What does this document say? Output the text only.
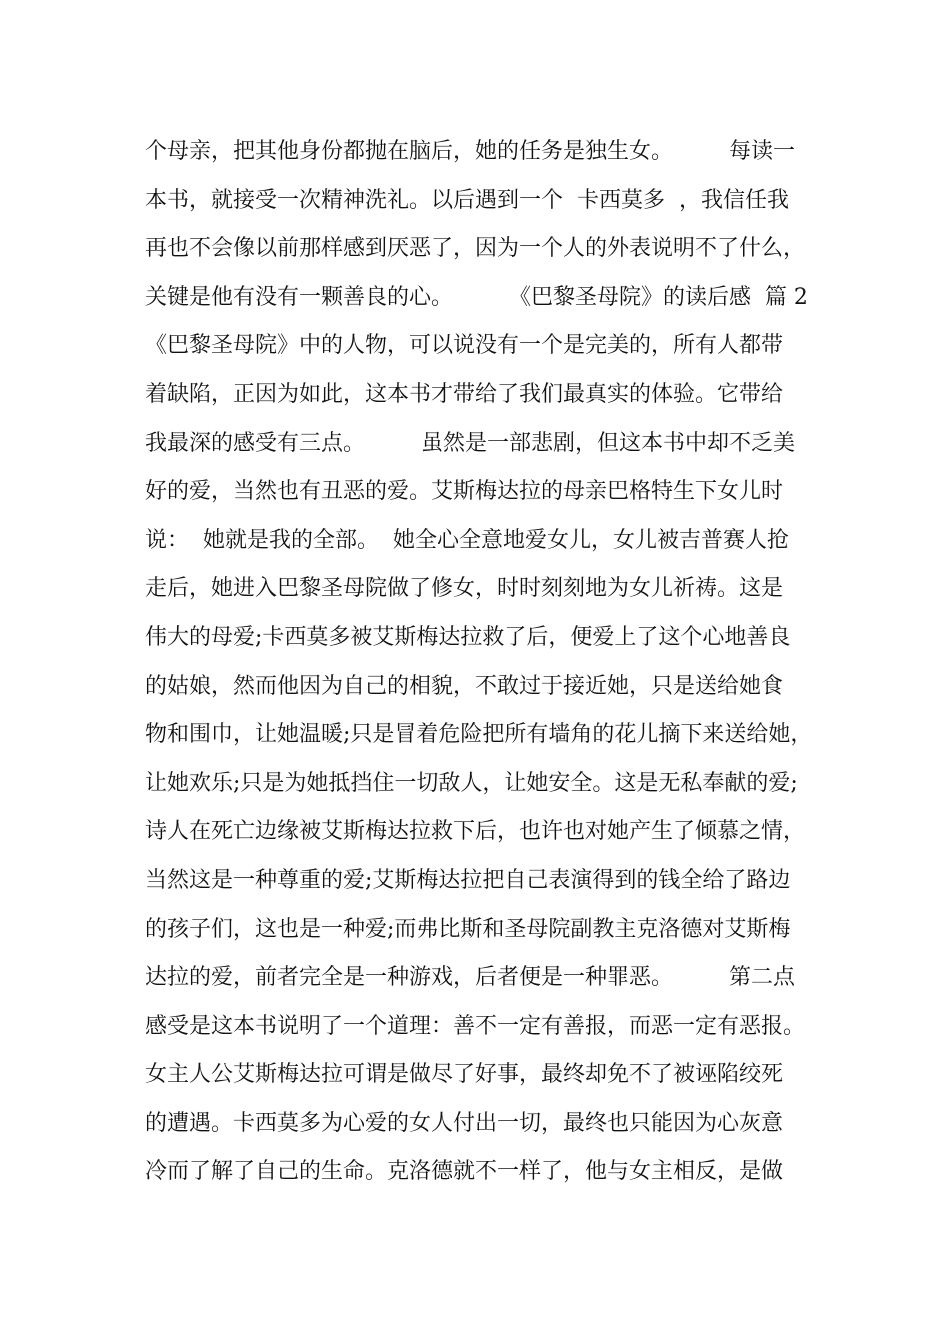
个母亲，把其他身份都抛在脑后，她的任务是独生女。        每读一
本书，就接受一次精神洗礼。以后遇到一个  卡西莫多  ，我信任我
再也不会像以前那样感到厌恶了，因为一个人的外表说明不了什么，
关键是他有没有一颗善良的心。        《巴黎圣母院》的读后感  篇 2
《巴黎圣母院》中的人物，可以说没有一个是完美的，所有人都带
着缺陷，正因为如此，这本书才带给了我们最真实的体验。它带给
我最深的感受有三点。        虽然是一部悲剧，但这本书中却不乏美
好的爱，当然也有丑恶的爱。艾斯梅达拉的母亲巴格特生下女儿时
说：  她就是我的全部。  她全心全意地爱女儿，女儿被吉普赛人抢
走后，她进入巴黎圣母院做了修女，时时刻刻地为女儿祈祷。这是
伟大的母爱;卡西莫多被艾斯梅达拉救了后，便爱上了这个心地善良
的姑娘，然而他因为自己的相貌，不敢过于接近她，只是送给她食
物和围巾，让她温暖;只是冒着危险把所有墙角的花儿摘下来送给她，
让她欢乐;只是为她抵挡住一切敌人，让她安全。这是无私奉献的爱;
诗人在死亡边缘被艾斯梅达拉救下后，也许也对她产生了倾慕之情，
当然这是一种尊重的爱;艾斯梅达拉把自己表演得到的钱全给了路边
的孩子们，这也是一种爱;而弗比斯和圣母院副教主克洛德对艾斯梅
达拉的爱，前者完全是一种游戏，后者便是一种罪恶。        第二点
感受是这本书说明了一个道理：善不一定有善报，而恶一定有恶报。
女主人公艾斯梅达拉可谓是做尽了好事，最终却免不了被诬陷绞死
的遭遇。卡西莫多为心爱的女人付出一切，最终也只能因为心灰意
冷而了解了自己的生命。克洛德就不一样了，他与女主相反，是做
